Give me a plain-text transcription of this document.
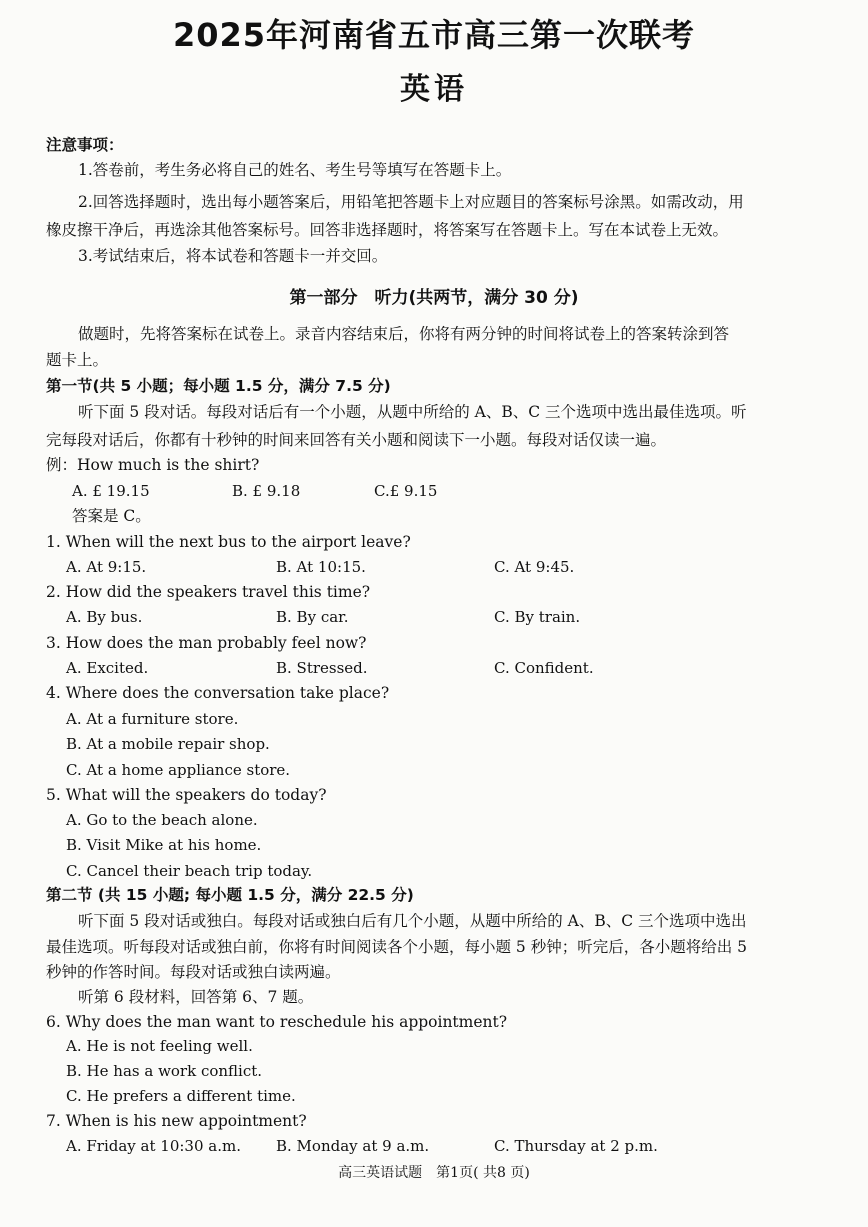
2025年河南省五市高三第一次联考
英语
注意事项：
1.答卷前，考生务必将自己的姓名、考生号等填写在答题卡上。
2.回答选择题时，选出每小题答案后，用铅笔把答题卡上对应题目的答案标号涂黑。如需改动，用
橡皮擦干净后，再选涂其他答案标号。回答非选择题时，将答案写在答题卡上。写在本试卷上无效。
3.考试结束后，将本试卷和答题卡一并交回。
第一部分　听力(共两节，满分 30 分)
做题时，先将答案标在试卷上。录音内容结束后，你将有两分钟的时间将试卷上的答案转涂到答
题卡上。
第一节(共 5 小题；每小题 1.5 分，满分 7.5 分)
听下面 5 段对话。每段对话后有一个小题，从题中所给的 A、B、C 三个选项中选出最佳选项。听
完每段对话后，你都有十秒钟的时间来回答有关小题和阅读下一小题。每段对话仅读一遍。
例：How much is the shirt?
A. £ 19.15	B. £ 9.18	C.£ 9.15
答案是 C。
1. When will the next bus to the airport leave?
A. At 9:15.	B. At 10:15.	C. At 9:45.
2. How did the speakers travel this time?
A. By bus.	B. By car.	C. By train.
3. How does the man probably feel now?
A. Excited.	B. Stressed.	C. Confident.
4. Where does the conversation take place?
A. At a furniture store.
B. At a mobile repair shop.
C. At a home appliance store.
5. What will the speakers do today?
A. Go to the beach alone.
B. Visit Mike at his home.
C. Cancel their beach trip today.
第二节 (共 15 小题; 每小题 1.5 分，满分 22.5 分)
听下面 5 段对话或独白。每段对话或独白后有几个小题，从题中所给的 A、B、C 三个选项中选出
最佳选项。听每段对话或独白前，你将有时间阅读各个小题，每小题 5 秒钟；听完后，各小题将给出 5
秒钟的作答时间。每段对话或独白读两遍。
听第 6 段材料，回答第 6、7 题。
6. Why does the man want to reschedule his appointment?
A. He is not feeling well.
B. He has a work conflict.
C. He prefers a different time.
7. When is his new appointment?
A. Friday at 10:30 a.m. B. Monday at 9 a.m.	C. Thursday at 2 p.m.
高三英语试题　第1页( 共8 页)
